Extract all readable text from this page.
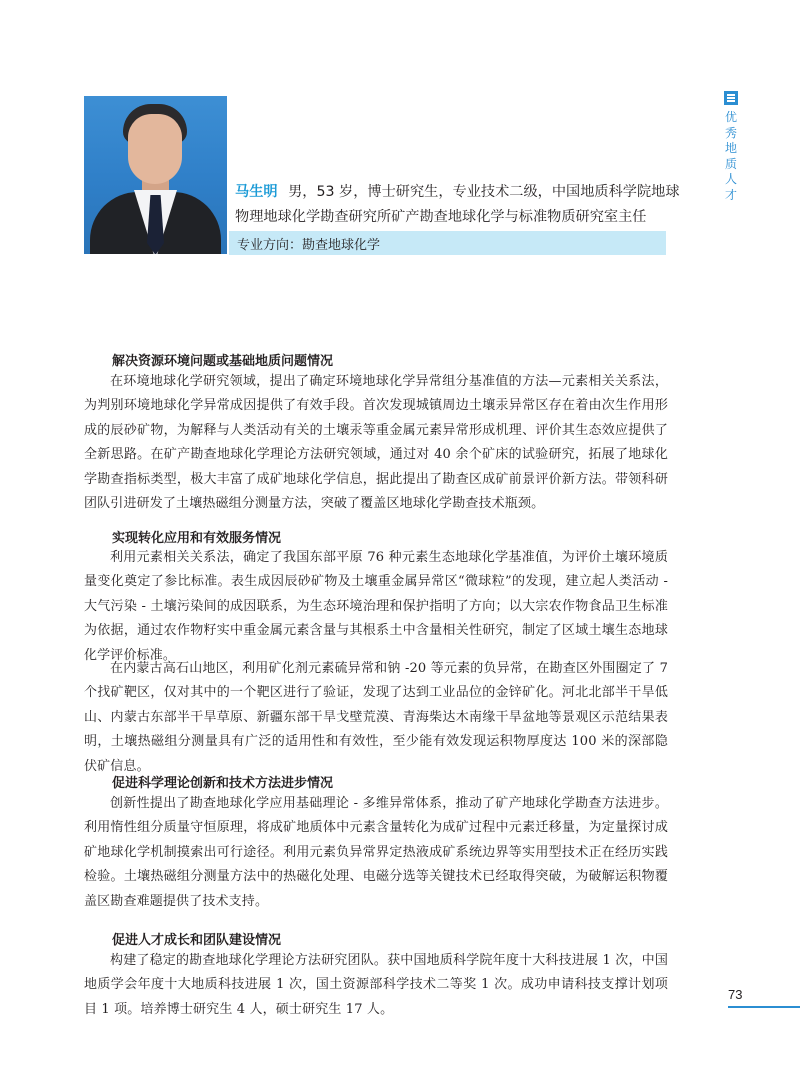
马生明 男，53 岁，博士研究生，专业技术二级，中国地质科学院地球物理地球化学勘查研究所矿产勘查地球化学与标准物质研究室主任
专业方向：勘查地球化学
优秀地质人才
解决资源环境问题或基础地质问题情况

在环境地球化学研究领域，提出了确定环境地球化学异常组分基准值的方法—元素相关关系法，为判别环境地球化学异常成因提供了有效手段。首次发现城镇周边土壤汞异常区存在着由次生作用形成的辰砂矿物，为解释与人类活动有关的土壤汞等重金属元素异常形成机理、评价其生态效应提供了全新思路。在矿产勘查地球化学理论方法研究领域，通过对 40 余个矿床的试验研究，拓展了地球化学勘查指标类型，极大丰富了成矿地球化学信息，据此提出了勘查区成矿前景评价新方法。带领科研团队引进研发了土壤热磁组分测量方法，突破了覆盖区地球化学勘查技术瓶颈。

实现转化应用和有效服务情况

利用元素相关关系法，确定了我国东部平原 76 种元素生态地球化学基准值，为评价土壤环境质量变化奠定了参比标准。表生成因辰砂矿物及土壤重金属异常区“微球粒”的发现，建立起人类活动 - 大气污染 - 土壤污染间的成因联系，为生态环境治理和保护指明了方向；以大宗农作物食品卫生标准为依据，通过农作物籽实中重金属元素含量与其根系土中含量相关性研究，制定了区域土壤生态地球化学评价标准。

在内蒙古高石山地区，利用矿化剂元素硫异常和钠 -20 等元素的负异常，在勘查区外围圈定了 7 个找矿靶区，仅对其中的一个靶区进行了验证，发现了达到工业品位的金锌矿化。河北北部半干旱低山、内蒙古东部半干旱草原、新疆东部干旱戈壁荒漠、青海柴达木南缘干旱盆地等景观区示范结果表明，土壤热磁组分测量具有广泛的适用性和有效性，至少能有效发现运积物厚度达 100 米的深部隐伏矿信息。

促进科学理论创新和技术方法进步情况

创新性提出了勘查地球化学应用基础理论 - 多维异常体系，推动了矿产地球化学勘查方法进步。利用惰性组分质量守恒原理，将成矿地质体中元素含量转化为成矿过程中元素迁移量，为定量探讨成矿地球化学机制摸索出可行途径。利用元素负异常界定热液成矿系统边界等实用型技术正在经历实践检验。土壤热磁组分测量方法中的热磁化处理、电磁分选等关键技术已经取得突破，为破解运积物覆盖区勘查难题提供了技术支持。

促进人才成长和团队建设情况

构建了稳定的勘查地球化学理论方法研究团队。获中国地质科学院年度十大科技进展 1 次，中国地质学会年度十大地质科技进展 1 次，国土资源部科学技术二等奖 1 次。成功申请科技支撑计划项目 1 项。培养博士研究生 4 人，硕士研究生 17 人。

73
